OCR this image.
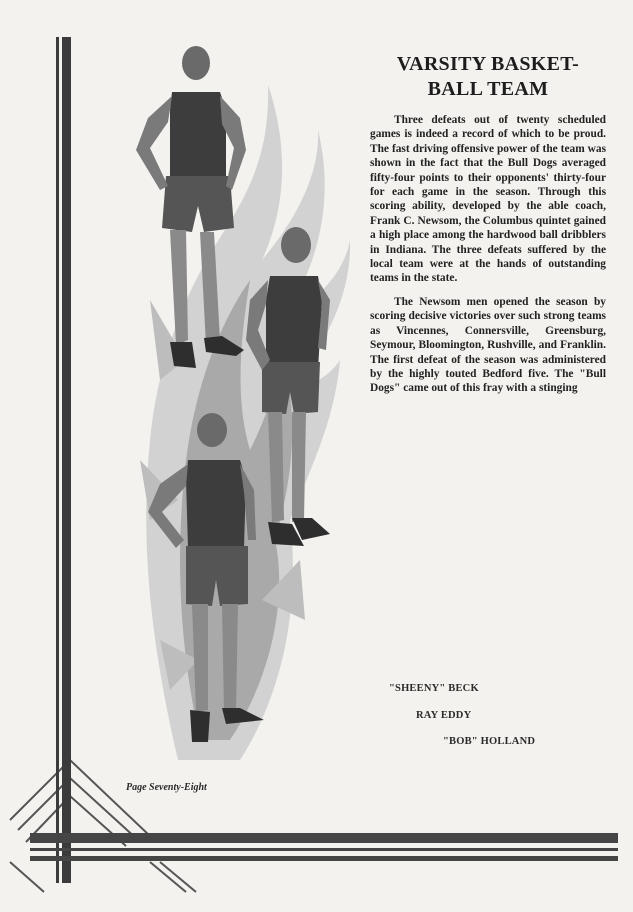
VARSITY BASKET-
BALL TEAM

Three defeats out of twenty scheduled games is indeed a record of which to be proud. The fast driving offensive power of the team was shown in the fact that the Bull Dogs averaged fifty-four points to their opponents' thirty-four for each game in the season. Through this scoring ability, developed by the able coach, Frank C. Newsom, the Columbus quintet gained a high place among the hardwood ball dribblers in Indiana. The three defeats suffered by the local team were at the hands of outstanding teams in the state.

The Newsom men opened the season by scoring decisive victories over such strong teams as Vincennes, Connersville, Greensburg, Seymour, Bloomington, Rushville, and Franklin. The first defeat of the season was administered by the highly touted Bedford five. The "Bull Dogs" came out of this fray with a stinging

"SHEENY" BECK
RAY EDDY
"BOB" HOLLAND
Page Seventy-Eight
